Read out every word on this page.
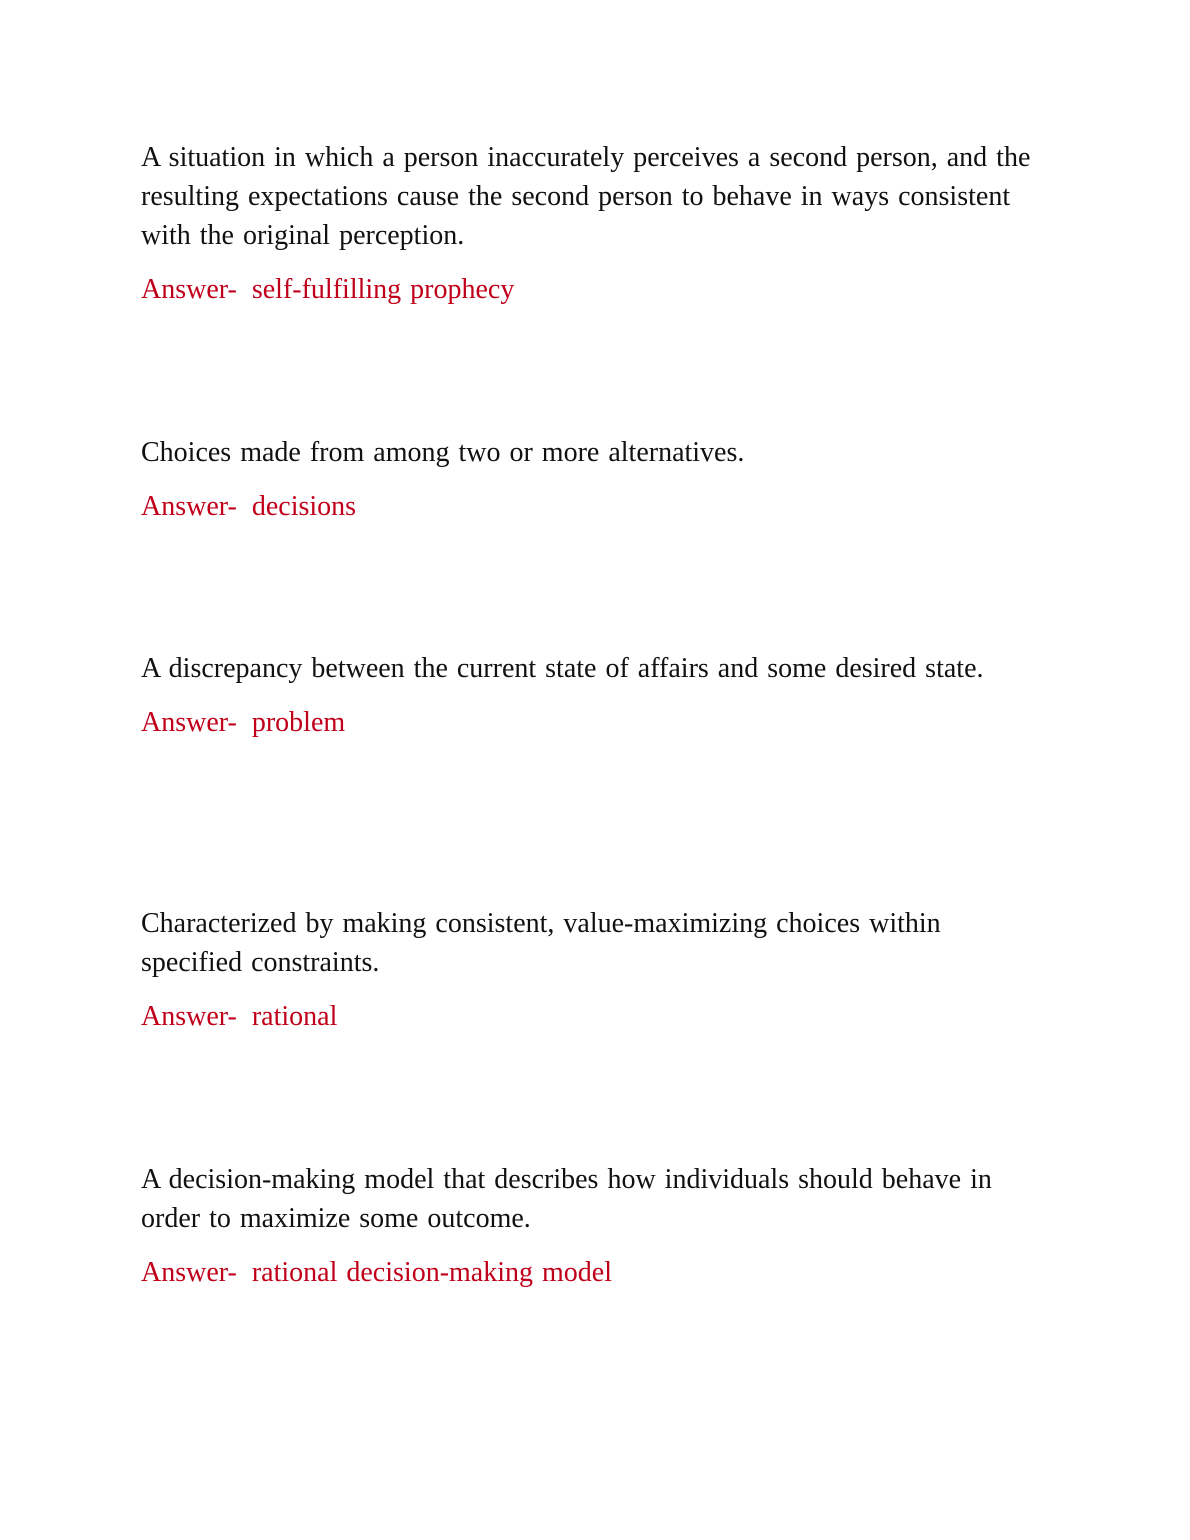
A situation in which a person inaccurately perceives a second person, and the resulting expectations cause the second person to behave in ways consistent with the original perception.

Answer- self-fulfilling prophecy

Choices made from among two or more alternatives.

Answer- decisions

A discrepancy between the current state of affairs and some desired state.

Answer- problem

Characterized by making consistent, value-maximizing choices within specified constraints.

Answer- rational

A decision-making model that describes how individuals should behave in order to maximize some outcome.

Answer- rational decision-making model
